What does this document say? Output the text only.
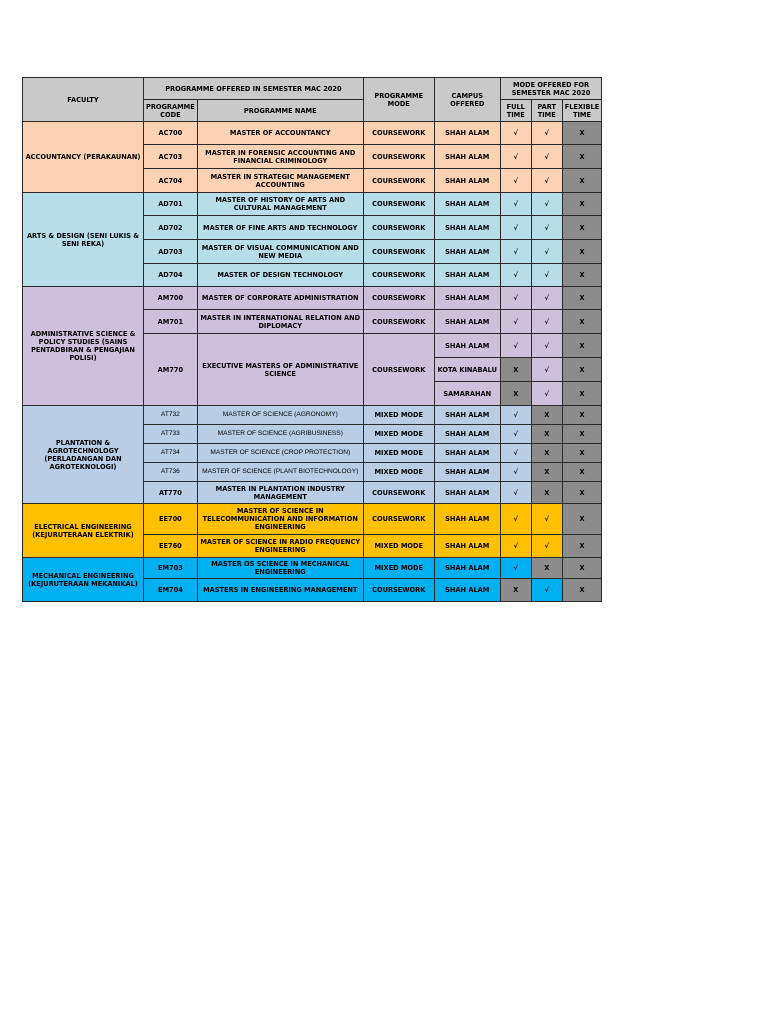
FACULTY	PROGRAMME OFFERED IN SEMESTER MAC 2020		PROGRAMME MODE	CAMPUS OFFERED	MODE OFFERED FOR SEMESTER MAC 2020		
	PROGRAMME CODE	PROGRAMME NAME			FULL TIME	PART TIME	FLEXIBLE TIME
ACCOUNTANCY (PERAKAUNAN)	AC700	MASTER OF ACCOUNTANCY	COURSEWORK	SHAH ALAM	√	√	X
	AC703	MASTER IN FORENSIC ACCOUNTING AND FINANCIAL CRIMINOLOGY	COURSEWORK	SHAH ALAM	√	√	X
	AC704	MASTER IN STRATEGIC MANAGEMENT ACCOUNTING	COURSEWORK	SHAH ALAM	√	√	X
ARTS & DESIGN (SENI LUKIS & SENI REKA)	AD701	MASTER OF HISTORY OF ARTS AND CULTURAL MANAGEMENT	COURSEWORK	SHAH ALAM	√	√	X
	AD702	MASTER OF FINE ARTS AND TECHNOLOGY	COURSEWORK	SHAH ALAM	√	√	X
	AD703	MASTER OF VISUAL COMMUNICATION AND NEW MEDIA	COURSEWORK	SHAH ALAM	√	√	X
	AD704	MASTER OF DESIGN TECHNOLOGY	COURSEWORK	SHAH ALAM	√	√	X
ADMINISTRATIVE SCIENCE & POLICY STUDIES (SAINS PENTADBIRAN & PENGAJIAN POLISI)	AM700	MASTER OF CORPORATE ADMINISTRATION	COURSEWORK	SHAH ALAM	√	√	X
	AM701	MASTER IN INTERNATIONAL RELATION AND DIPLOMACY	COURSEWORK	SHAH ALAM	√	√	X
	AM770	EXECUTIVE MASTERS OF ADMINISTRATIVE SCIENCE	COURSEWORK	SHAH ALAM	√	√	X
				KOTA KINABALU	X	√	X
				SAMARAHAN	X	√	X
PLANTATION & AGROTECHNOLOGY (PERLADANGAN DAN AGROTEKNOLOGI)	AT732	MASTER OF SCIENCE (AGRONOMY)	MIXED MODE	SHAH ALAM	√	X	X
	AT733	MASTER OF SCIENCE (AGRIBUSINESS)	MIXED MODE	SHAH ALAM	√	X	X
	AT734	MASTER OF SCIENCE (CROP PROTECTION)	MIXED MODE	SHAH ALAM	√	X	X
	AT736	MASTER OF SCIENCE (PLANT BIOTECHNOLOGY)	MIXED MODE	SHAH ALAM	√	X	X
	AT770	MASTER IN PLANTATION INDUSTRY MANAGEMENT	COURSEWORK	SHAH ALAM	√	X	X
ELECTRICAL ENGINEERING (KEJURUTERAAN ELEKTRIK)	EE700	MASTER OF SCIENCE IN TELECOMMUNICATION AND INFORMATION ENGINEERING	COURSEWORK	SHAH ALAM	√	√	X
	EE760	MASTER OF SCIENCE IN RADIO FREQUENCY ENGINEERING	MIXED MODE	SHAH ALAM	√	√	X
MECHANICAL ENGINEERING (KEJURUTERAAN MEKANIKAL)	EM703	MASTER OS SCIENCE IN MECHANICAL ENGINEERING	MIXED MODE	SHAH ALAM	√	X	X
	EM704	MASTERS IN ENGINEERING MANAGEMENT	COURSEWORK	SHAH ALAM	X	√	X
